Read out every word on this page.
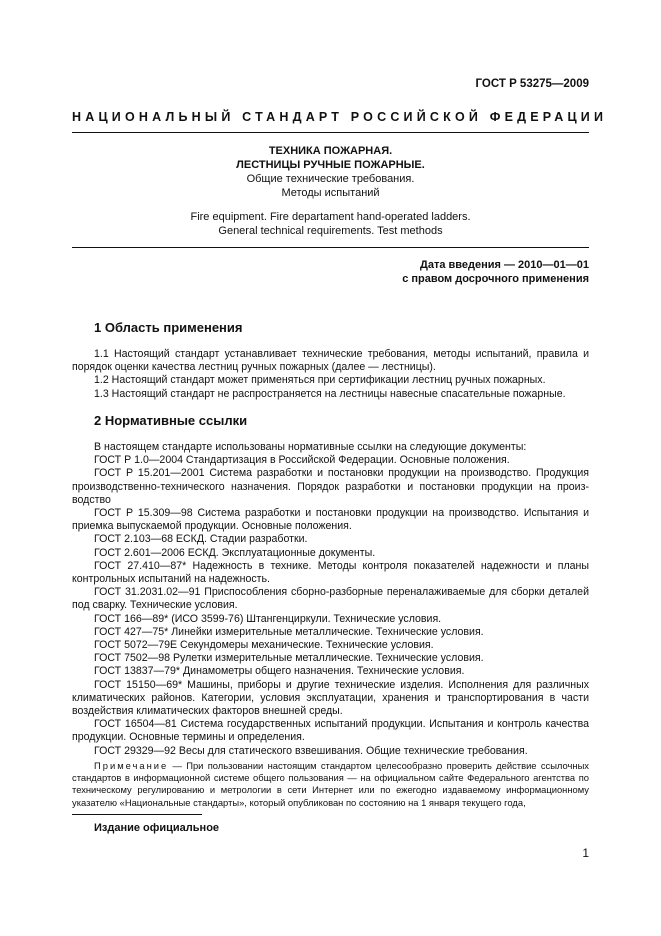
ГОСТ Р 53275—2009
НАЦИОНАЛЬНЫЙ СТАНДАРТ РОССИЙСКОЙ ФЕДЕРАЦИИ
ТЕХНИКА ПОЖАРНАЯ.
ЛЕСТНИЦЫ РУЧНЫЕ ПОЖАРНЫЕ.
Общие технические требования.
Методы испытаний
Fire equipment. Fire departament hand-operated ladders.
General technical requirements. Test methods
Дата введения — 2010—01—01
с правом досрочного применения
1 Область применения

1.1 Настоящий стандарт устанавливает технические требования, методы испытаний, правила и порядок оценки качества лестниц ручных пожарных (далее — лестницы).

1.2 Настоящий стандарт может применяться при сертификации лестниц ручных пожарных.

1.3 Настоящий стандарт не распространяется на лестницы навесные спасательные пожарные.

2 Нормативные ссылки

В настоящем стандарте использованы нормативные ссылки на следующие документы:

ГОСТ Р 1.0—2004 Стандартизация в Российской Федерации. Основные положения.

ГОСТ Р 15.201—2001 Система разработки и постановки продукции на производство. Продукция производственно-технического назначения. Порядок разработки и постановки продукции на производство

ГОСТ Р 15.309—98 Система разработки и постановки продукции на производство. Испытания и приемка выпускаемой продукции. Основные положения.

ГОСТ 2.103—68 ЕСКД. Стадии разработки.

ГОСТ 2.601—2006 ЕСКД. Эксплуатационные документы.

ГОСТ 27.410—87* Надежность в технике. Методы контроля показателей надежности и планы контрольных испытаний на надежность.

ГОСТ 31.2031.02—91 Приспособления сборно-разборные переналаживаемые для сборки деталей под сварку. Технические условия.

ГОСТ 166—89* (ИСО 3599-76) Штангенциркули. Технические условия.

ГОСТ 427—75* Линейки измерительные металлические. Технические условия.

ГОСТ 5072—79Е Секундомеры механические. Технические условия.

ГОСТ 7502—98 Рулетки измерительные металлические. Технические условия.

ГОСТ 13837—79* Динамометры общего назначения. Технические условия.

ГОСТ 15150—69* Машины, приборы и другие технические изделия. Исполнения для различных климатических районов. Категории, условия эксплуатации, хранения и транспортирования в части воздействия климатических факторов внешней среды.

ГОСТ 16504—81 Система государственных испытаний продукции. Испытания и контроль качества продукции. Основные термины и определения.

ГОСТ 29329—92 Весы для статического взвешивания. Общие технические требования.

Примечание — При пользовании настоящим стандартом целесообразно проверить действие ссылочных стандартов в информационной системе общего пользования — на официальном сайте Федерального агентства по техническому регулированию и метрологии в сети Интернет или по ежегодно издаваемому информационному указателю «Национальные стандарты», который опубликован по состоянию на 1 января текущего года,
Издание официальное
1
